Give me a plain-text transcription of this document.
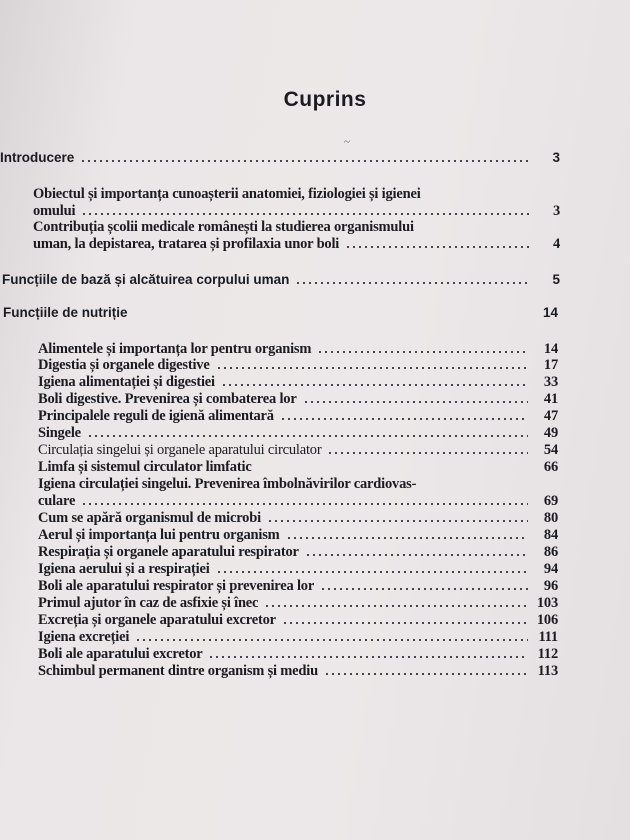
Cuprins
~
Introducere	3
Obiectul și importanța cunoașterii anatomiei, fiziologiei și igienei
omului	3
Contribuția școlii medicale românești la studierea organismului
uman, la depistarea, tratarea și profilaxia unor boli	4
Funcțiile de bază și alcătuirea corpului uman	5
Funcțiile de nutriție	14
Alimentele și importanța lor pentru organism	14
Digestia și organele digestive	17
Igiena alimentației și digestiei	33
Boli digestive. Prevenirea și combaterea lor	41
Principalele reguli de igienă alimentară	47
Singele	49
Circulația singelui și organele aparatului circulator	54
Limfa și sistemul circulator limfatic	66
Igiena circulației singelui. Prevenirea îmbolnăvirilor cardiovas-
culare	69
Cum se apără organismul de microbi	80
Aerul și importanța lui pentru organism	84
Respirația și organele aparatului respirator	86
Igiena aerului și a respirației	94
Boli ale aparatului respirator și prevenirea lor	96
Primul ajutor în caz de asfixie și înec	103
Excreția și organele aparatului excretor	106
Igiena excreției	111
Boli ale aparatului excretor	112
Schimbul permanent dintre organism și mediu	113
